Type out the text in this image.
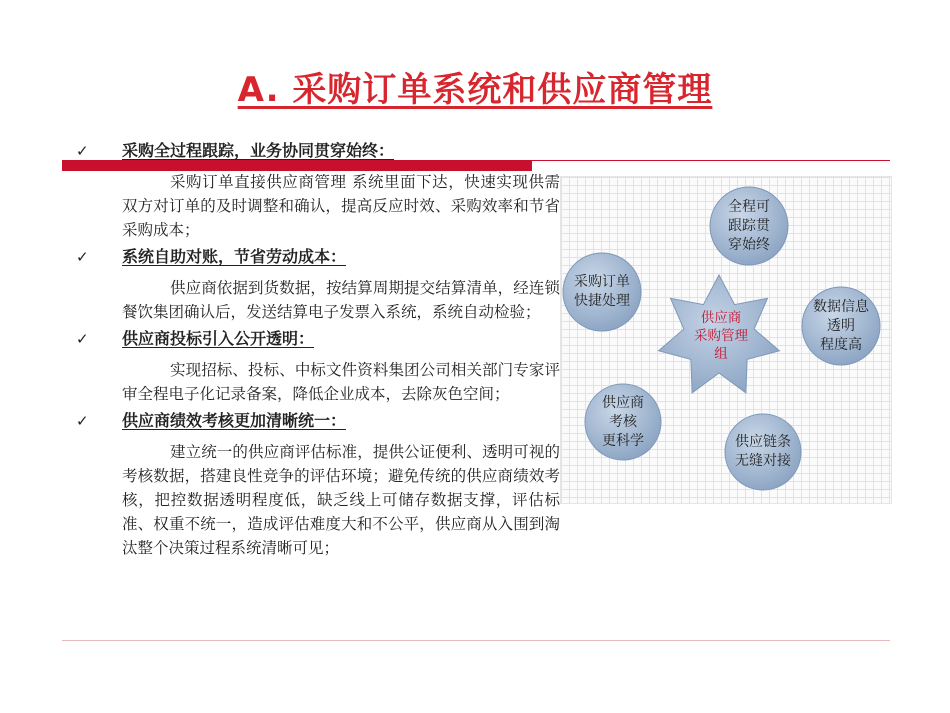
A. 采购订单系统和供应商管理
✓	采购全过程跟踪，业务协同贯穿始终：
采购订单直接供应商管理 系统里面下达，快速实现供需双方对订单的及时调整和确认，提高反应时效、采购效率和节省采购成本；
✓	系统自助对账，节省劳动成本：
供应商依据到货数据，按结算周期提交结算清单，经连锁餐饮集团确认后，发送结算电子发票入系统，系统自动检验；
✓	供应商投标引入公开透明：
实现招标、投标、中标文件资料集团公司相关部门专家评审全程电子化记录备案，降低企业成本，去除灰色空间；
✓	供应商绩效考核更加清晰统一：
建立统一的供应商评估标准，提供公证便利、透明可视的考核数据，搭建良性竞争的评估环境；避免传统的供应商绩效考核，把控数据透明程度低，缺乏线上可储存数据支撑，评估标准、权重不统一，造成评估难度大和不公平，供应商从入围到淘汰整个决策过程系统清晰可见；
全程可
跟踪贯
穿始终
数据信息
透明
程度高
供应链条
无缝对接
供应商
考核
更科学
采购订单
快捷处理
供应商
采购管理
组
